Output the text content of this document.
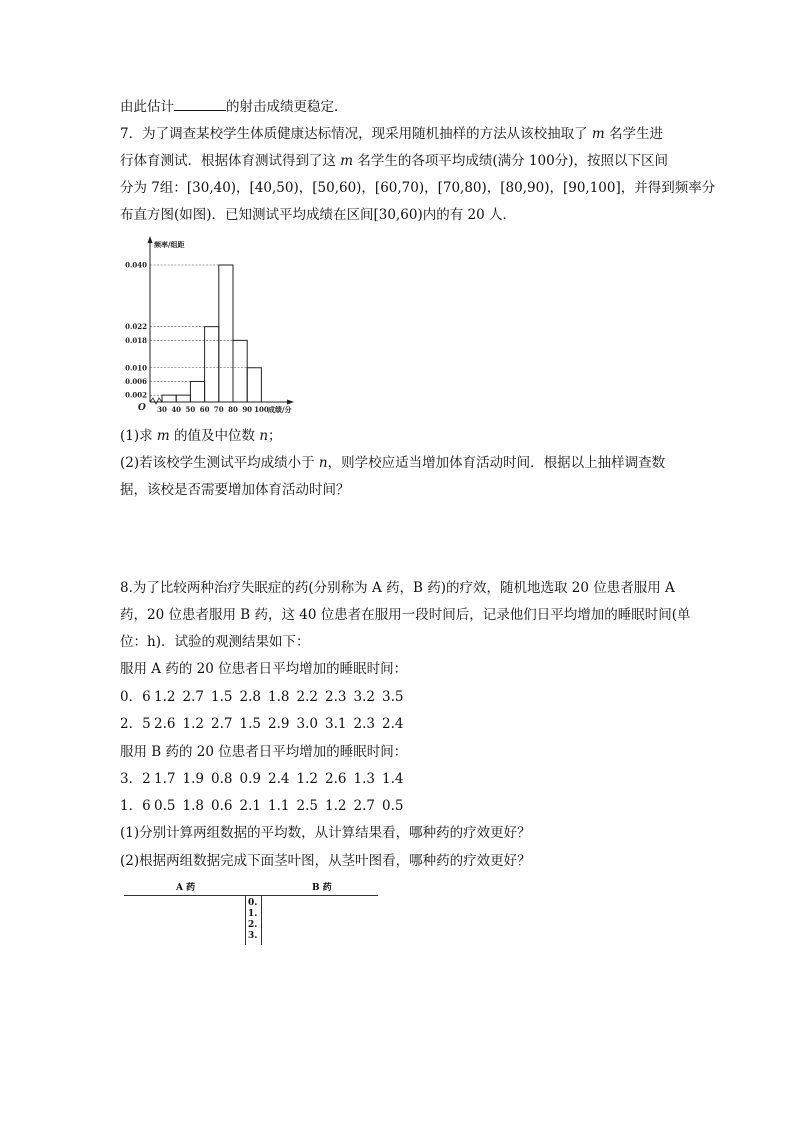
由此估计	的射击成绩更稳定．
7．为了调查某校学生体质健康达标情况，现采用随机抽样的方法从该校抽取了 m 名学生进
行体育测试．根据体育测试得到了这 m 名学生的各项平均成绩(满分 100分)，按照以下区间
分为 7组：[30,40)，[40,50)，[50,60)，[60,70)，[70,80)，[80,90)，[90,100]，并得到频率分
布直方图(如图)．已知测试平均成绩在区间[30,60)内的有 20 人．
频率/组距
成绩/分
O
0.040
0.022
0.018
0.010
0.006
0.002
30 40 50 60 70 80 90 100
(1)求 m 的值及中位数 n；
(2)若该校学生测试平均成绩小于 n，则学校应适当增加体育活动时间．根据以上抽样调查数
据，该校是否需要增加体育活动时间？
8.为了比较两种治疗失眠症的药(分别称为 A 药，B 药)的疗效，随机地选取 20 位患者服用 A
药，20 位患者服用 B 药，这 40 位患者在服用一段时间后，记录他们日平均增加的睡眠时间(单
位：h)．试验的观测结果如下：
服用 A 药的 20 位患者日平均增加的睡眠时间：
0．6 1.2 2.7 1.5 2.8 1.8 2.2 2.3 3.2 3.5
2．5 2.6 1.2 2.7 1.5 2.9 3.0 3.1 2.3 2.4
服用 B 药的 20 位患者日平均增加的睡眠时间：
3．2 1.7 1.9 0.8 0.9 2.4 1.2 2.6 1.3 1.4
1．6 0.5 1.8 0.6 2.1 1.1 2.5 1.2 2.7 0.5
(1)分别计算两组数据的平均数，从计算结果看，哪种药的疗效更好？
(2)根据两组数据完成下面茎叶图，从茎叶图看，哪种药的疗效更好？
A 药	B 药
0.
1.
2.
3.
